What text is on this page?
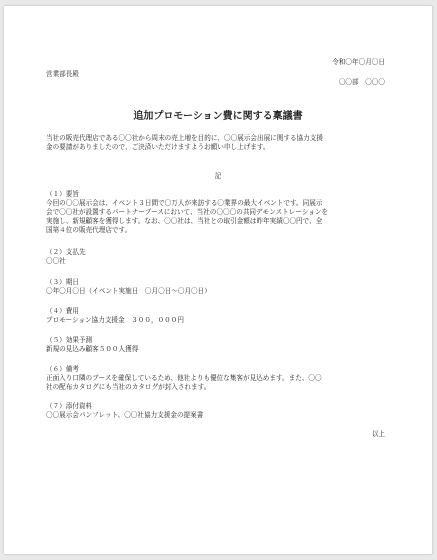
令和〇年〇月〇日
営業部長殿
〇〇部　〇〇〇
追加プロモーション費に関する稟議書
当社の販売代理店である〇〇社から周末の売上増を目的に、〇〇展示会出展に関する協力支援
金の要請がありましたので、ご決済いただけますようお願い申し上げます。
記
（１）要旨
今回の〇〇展示会は、イベント３日間で〇万人が来訪する〇業界の最大イベントです。同展示
会で〇〇社が設置するパートナーブースにおいて、当社の〇〇〇の共同デモンストレーションを
実施し、新規顧客を獲得します。なお、〇〇社は、当社との取引金額は昨年実績〇〇円で、全
国第４位の販売代理店です。
（２）支払先
〇〇社
（３）期日
〇年〇月〇日（イベント実施日　〇月〇日～〇月〇日）
（４）費用
プロモーション協力支援金　３００，０００円
（５）効果予測
新規の見込み顧客５００人獲得
（６）備考
正面入り口隣のブースを確保しているため、他社よりも優位な集客が見込めます。また、〇〇
社の配布カタログにも当社のカタログが封入されます。
（７）添付資料
〇〇展示会パンフレット、〇〇社協力支援金の提案書
以上
